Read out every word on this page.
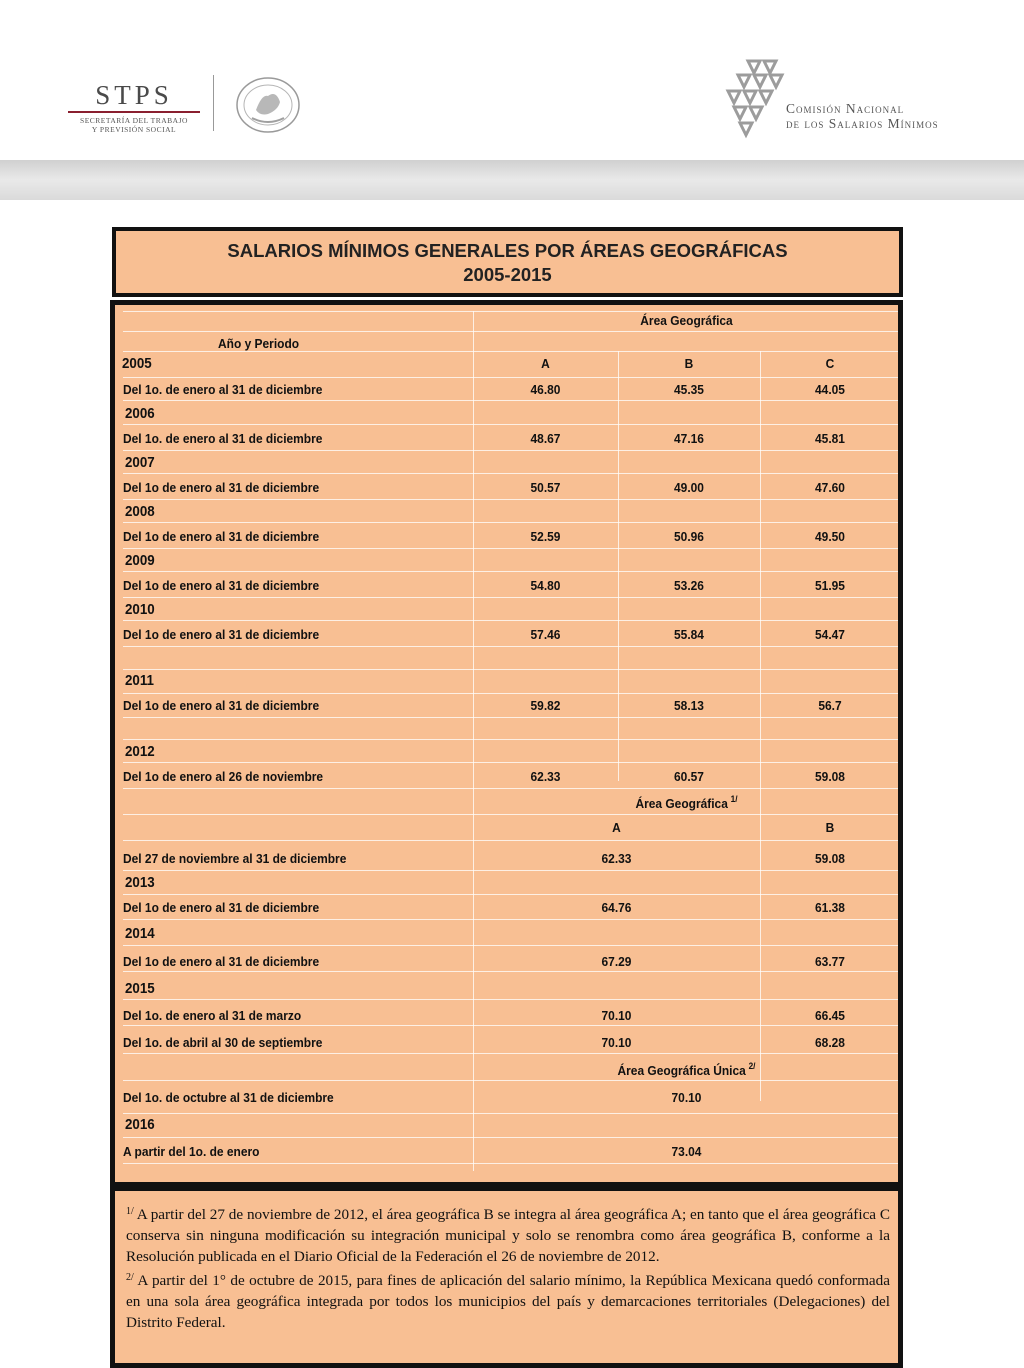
STPS
SECRETARÍA DEL TRABAJO
Y PREVISIÓN SOCIAL
Comisión Nacional
de los Salarios Mínimos
SALARIOS MÍNIMOS GENERALES POR ÁREAS GEOGRÁFICAS
2005-2015
Área Geográfica
Año y Periodo
2005	A	B	C
Del 1o. de enero al 31 de diciembre	46.80	45.35	44.05
2006
Del 1o. de enero al 31 de diciembre	48.67	47.16	45.81
2007
Del 1o de enero al 31 de diciembre	50.57	49.00	47.60
2008
Del 1o de enero al 31 de diciembre	52.59	50.96	49.50
2009
Del 1o de enero al 31 de diciembre	54.80	53.26	51.95
2010
Del 1o de enero al 31 de diciembre	57.46	55.84	54.47
2011
Del 1o de enero al 31 de diciembre	59.82	58.13	56.7
2012
Del 1o de enero al 26 de noviembre	62.33	60.57	59.08
Área Geográfica $^{1/}$
A	B
Del 27 de noviembre al 31 de diciembre	62.33	59.08
2013
Del 1o de enero al 31 de diciembre	64.76	61.38
2014
Del 1o de enero al 31 de diciembre	67.29	63.77
2015
Del 1o. de enero al 31 de marzo	70.10	66.45
Del 1o. de abril al 30 de septiembre	70.10	68.28
Área Geográfica Única $^{2/}$
Del 1o. de octubre al 31 de diciembre	70.10
2016
A partir del 1o. de enero	73.04

$^{1/}$ A partir del 27 de noviembre de 2012, el área geográfica B se integra al área geográfica A; en tanto que el área geográfica C conserva sin ninguna modificación su integración municipal y solo se renombra como área geográfica B, conforme a la Resolución publicada en el Diario Oficial de la Federación el 26 de noviembre de 2012.

$^{2/}$ A partir del 1° de octubre de 2015, para fines de aplicación del salario mínimo, la República Mexicana quedó conformada en una sola área geográfica integrada por todos los municipios del país y demarcaciones territoriales (Delegaciones) del Distrito Federal.
